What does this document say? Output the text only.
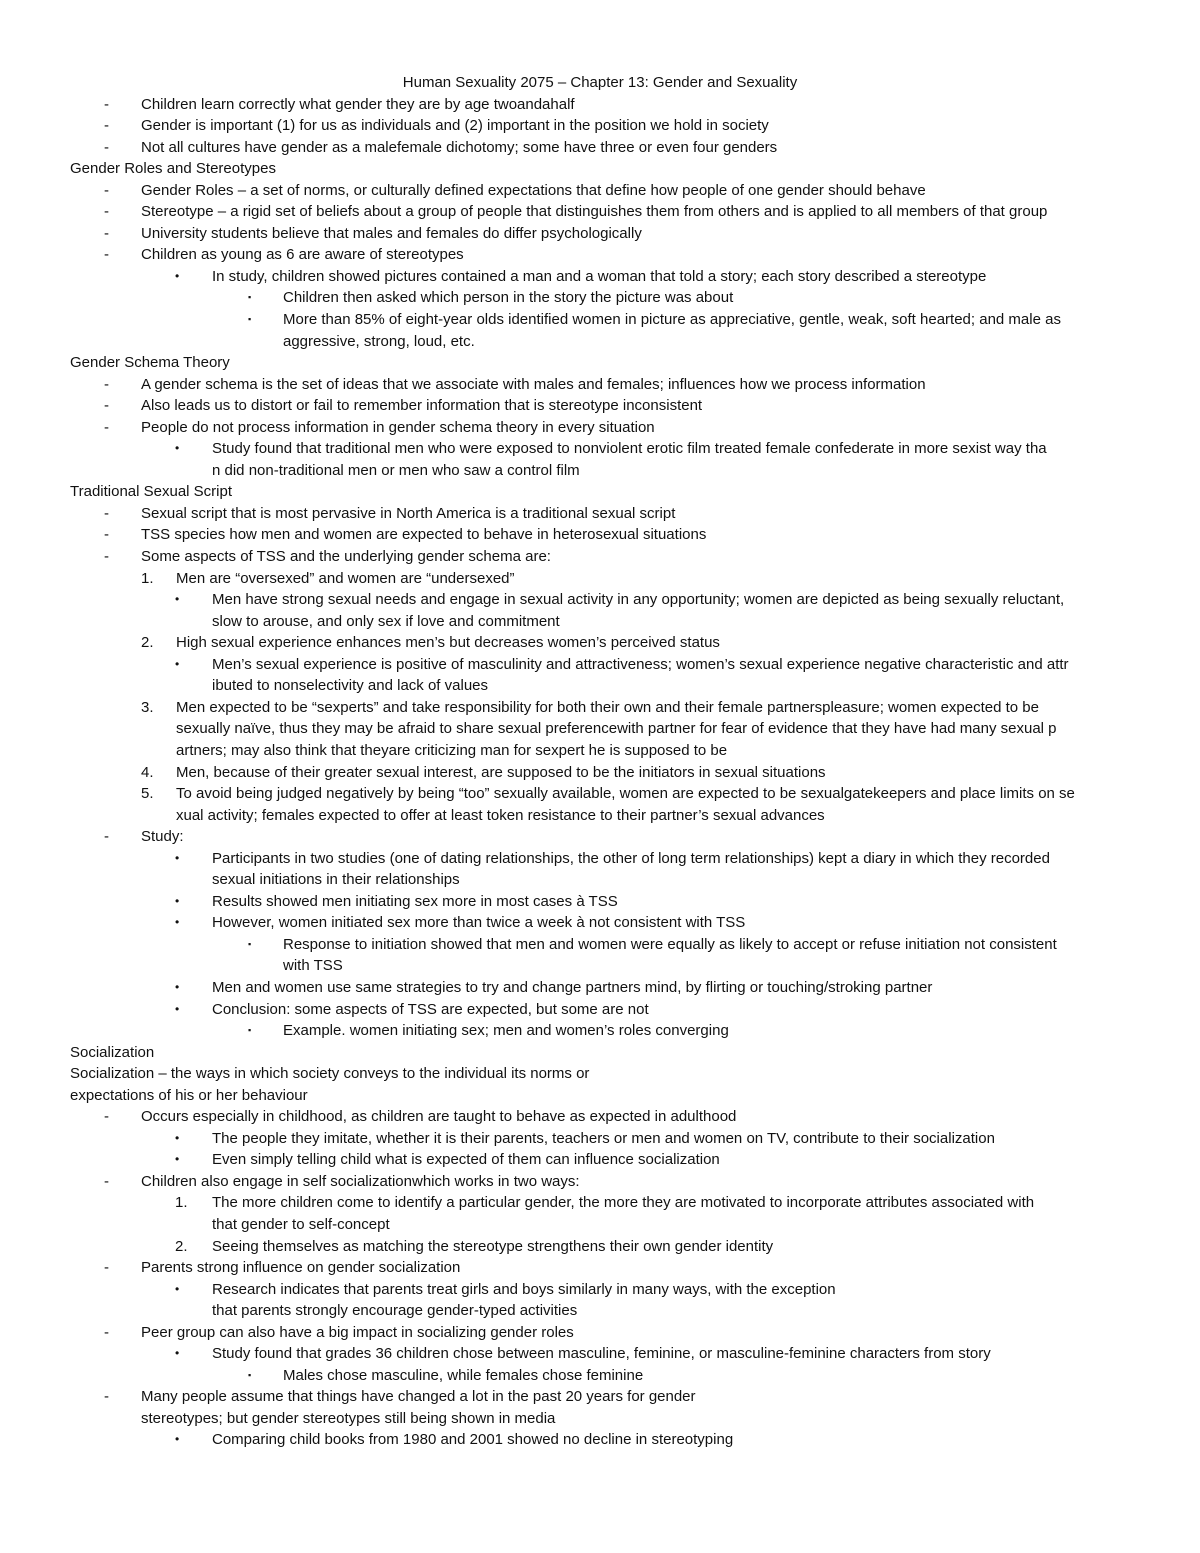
Human Sexuality 2075 – Chapter 13: Gender and Sexuality
- Children learn correctly what gender they are by age twoandahalf
- Gender is important (1) for us as individuals and (2) important in the position we hold in society
- Not all cultures have gender as a malefemale dichotomy; some have three or even four genders
Gender Roles and Stereotypes
- Gender Roles – a set of norms, or culturally defined expectations that define how people of one gender should behave
- Stereotype – a rigid set of beliefs about a group of people that distinguishes them from others and is applied to all members of that group
- University students believe that males and females do differ psychologically
- Children as young as 6 are aware of stereotypes
• In study, children showed pictures contained a man and a woman that told a story; each story described a stereotype
▪ Children then asked which person in the story the picture was about
▪ More than 85% of eight-year olds identified women in picture as appreciative, gentle, weak, soft hearted; and male as
aggressive, strong, loud, etc.
Gender Schema Theory
- A gender schema is the set of ideas that we associate with males and females; influences how we process information
- Also leads us to distort or fail to remember information that is stereotype inconsistent
- People do not process information in gender schema theory in every situation
• Study found that traditional men who were exposed to nonviolent erotic film treated female confederate in more sexist way tha
n did non-traditional men or men who saw a control film
Traditional Sexual Script
- Sexual script that is most pervasive in North America is a traditional sexual script
- TSS species how men and women are expected to behave in heterosexual situations
- Some aspects of TSS and the underlying gender schema are:
1. Men are “oversexed” and women are “undersexed”
• Men have strong sexual needs and engage in sexual activity in any opportunity; women are depicted as being sexually reluctant,
slow to arouse, and only sex if love and commitment
2. High sexual experience enhances men’s but decreases women’s perceived status
• Men’s sexual experience is positive of masculinity and attractiveness; women’s sexual experience negative characteristic and attr
ibuted to nonselectivity and lack of values
3. Men expected to be “sexperts” and take responsibility for both their own and their female partnerspleasure; women expected to be
sexually naïve, thus they may be afraid to share sexual preferencewith partner for fear of evidence that they have had many sexual p
artners; may also think that theyare criticizing man for sexpert he is supposed to be
4. Men, because of their greater sexual interest, are supposed to be the initiators in sexual situations
5. To avoid being judged negatively by being “too” sexually available, women are expected to be sexualgatekeepers and place limits on se
xual activity; females expected to offer at least token resistance to their partner’s sexual advances
- Study:
• Participants in two studies (one of dating relationships, the other of long term relationships) kept a diary in which they recorded
sexual initiations in their relationships
• Results showed men initiating sex more in most cases à TSS
• However, women initiated sex more than twice a week à not consistent with TSS
▪ Response to initiation showed that men and women were equally as likely to accept or refuse initiation not consistent
with TSS
• Men and women use same strategies to try and change partners mind, by flirting or touching/stroking partner
• Conclusion: some aspects of TSS are expected, but some are not
▪ Example. women initiating sex; men and women’s roles converging
Socialization
Socialization – the ways in which society conveys to the individual its norms or
expectations of his or her behaviour
- Occurs especially in childhood, as children are taught to behave as expected in adulthood
• The people they imitate, whether it is their parents, teachers or men and women on TV, contribute to their socialization
• Even simply telling child what is expected of them can influence socialization
- Children also engage in self socializationwhich works in two ways:
1. The more children come to identify a particular gender, the more they are motivated to incorporate attributes associated with
that gender to self-concept
2. Seeing themselves as matching the stereotype strengthens their own gender identity
- Parents strong influence on gender socialization
• Research indicates that parents treat girls and boys similarly in many ways, with the exception
that parents strongly encourage gender-typed activities
- Peer group can also have a big impact in socializing gender roles
• Study found that grades 36 children chose between masculine, feminine, or masculine-feminine characters from story
▪ Males chose masculine, while females chose feminine
- Many people assume that things have changed a lot in the past 20 years for gender
stereotypes; but gender stereotypes still being shown in media
• Comparing child books from 1980 and 2001 showed no decline in stereotyping
